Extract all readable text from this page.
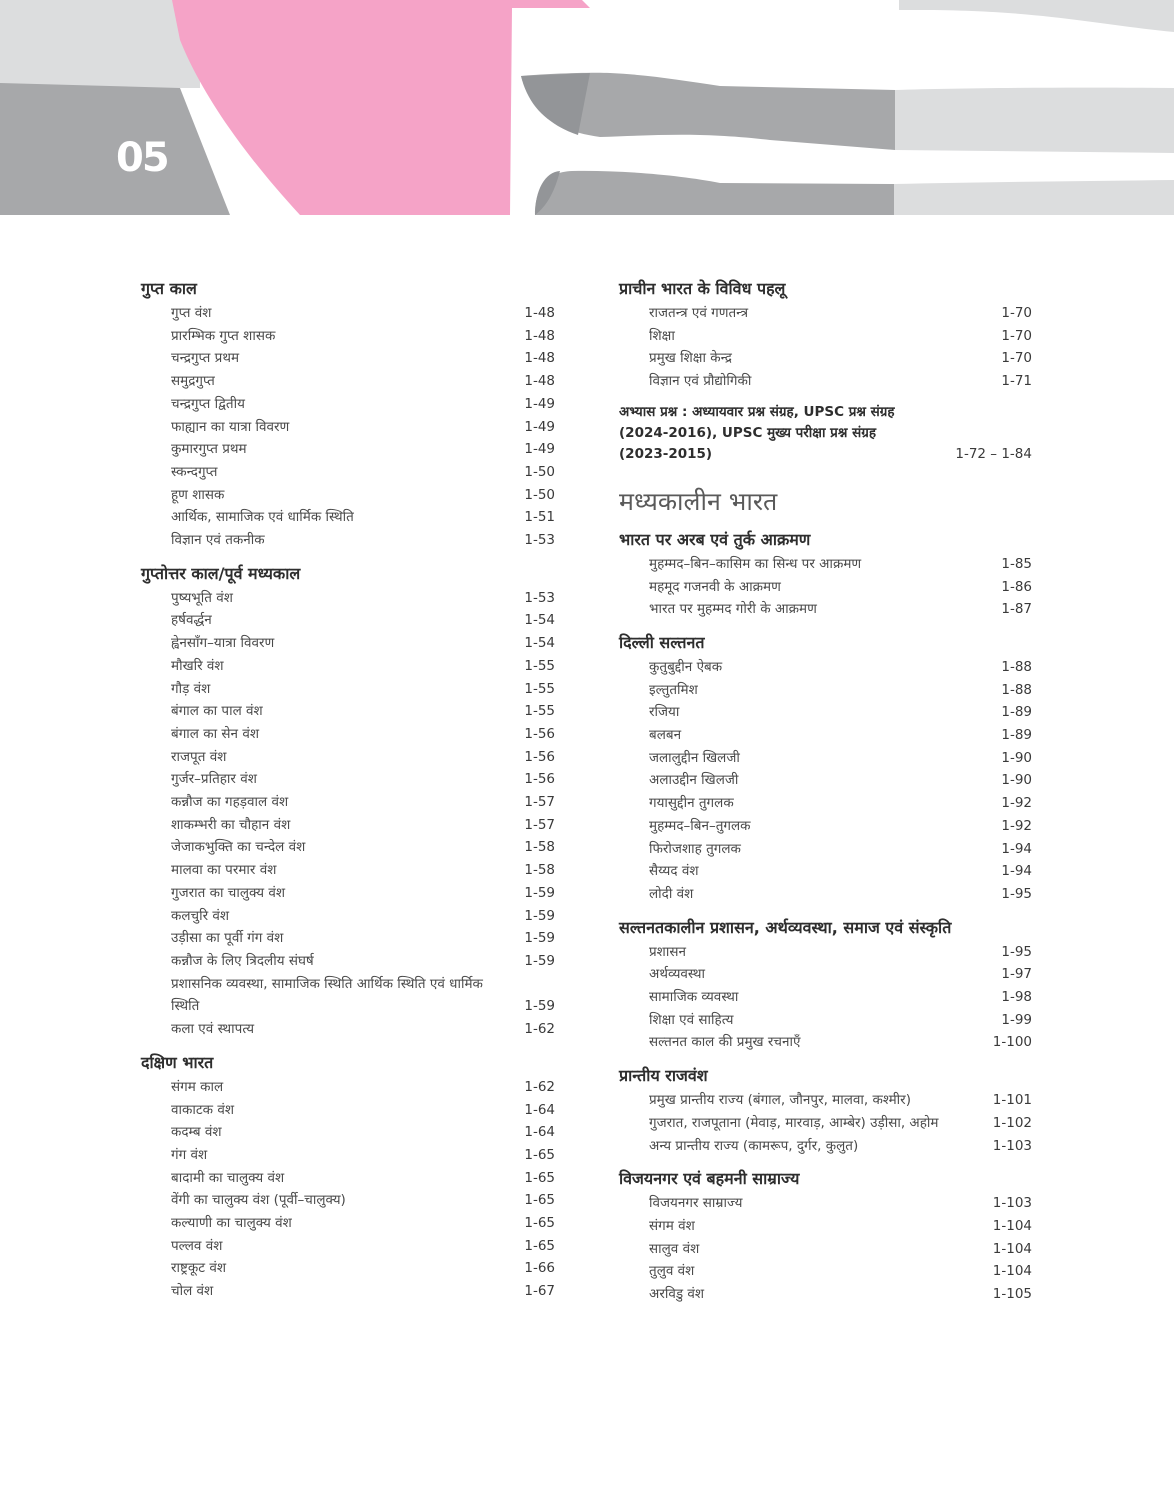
05
गुप्त काल
गुप्त वंश	1-48
प्रारम्भिक गुप्त शासक	1-48
चन्द्रगुप्त प्रथम	1-48
समुद्रगुप्त	1-48
चन्द्रगुप्त द्वितीय	1-49
फाह्यान का यात्रा विवरण	1-49
कुमारगुप्त प्रथम	1-49
स्कन्दगुप्त	1-50
हूण शासक	1-50
आर्थिक, सामाजिक एवं धार्मिक स्थिति	1-51
विज्ञान एवं तकनीक	1-53
गुप्तोत्तर काल/पूर्व मध्यकाल
पुष्यभूति वंश	1-53
हर्षवर्द्धन	1-54
ह्वेनसाँग–यात्रा विवरण	1-54
मौखरि वंश	1-55
गौड़ वंश	1-55
बंगाल का पाल वंश	1-55
बंगाल का सेन वंश	1-56
राजपूत वंश	1-56
गुर्जर–प्रतिहार वंश	1-56
कन्नौज का गहड़वाल वंश	1-57
शाकम्भरी का चौहान वंश	1-57
जेजाकभुक्ति का चन्देल वंश	1-58
मालवा का परमार वंश	1-58
गुजरात का चालुक्य वंश	1-59
कलचुरि वंश	1-59
उड़ीसा का पूर्वी गंग वंश	1-59
कन्नौज के लिए त्रिदलीय संघर्ष	1-59
प्रशासनिक व्यवस्था, सामाजिक स्थिति आर्थिक स्थिति एवं धार्मिक स्थिति	1-59
कला एवं स्थापत्य	1-62
दक्षिण भारत
संगम काल	1-62
वाकाटक वंश	1-64
कदम्ब वंश	1-64
गंग वंश	1-65
बादामी का चालुक्य वंश	1-65
वेंगी का चालुक्य वंश (पूर्वी–चालुक्य)	1-65
कल्याणी का चालुक्य वंश	1-65
पल्लव वंश	1-65
राष्ट्रकूट वंश	1-66
चोल वंश	1-67
प्राचीन भारत के विविध पहलू
राजतन्त्र एवं गणतन्त्र	1-70
शिक्षा	1-70
प्रमुख शिक्षा केन्द्र	1-70
विज्ञान एवं प्रौद्योगिकी	1-71
अभ्यास प्रश्न : अध्यायवार प्रश्न संग्रह, UPSC प्रश्न संग्रह (2024-2016), UPSC मुख्य परीक्षा प्रश्न संग्रह (2023-2015)	1-72 – 1-84
मध्यकालीन भारत
भारत पर अरब एवं तुर्क आक्रमण
मुहम्मद–बिन–कासिम का सिन्ध पर आक्रमण	1-85
महमूद गजनवी के आक्रमण	1-86
भारत पर मुहम्मद गोरी के आक्रमण	1-87
दिल्ली सल्तनत
कुतुबुद्दीन ऐबक	1-88
इल्तुतमिश	1-88
रजिया	1-89
बलबन	1-89
जलालुद्दीन खिलजी	1-90
अलाउद्दीन खिलजी	1-90
गयासुद्दीन तुगलक	1-92
मुहम्मद–बिन–तुगलक	1-92
फिरोजशाह तुगलक	1-94
सैय्यद वंश	1-94
लोदी वंश	1-95
सल्तनतकालीन प्रशासन, अर्थव्यवस्था, समाज एवं संस्कृति
प्रशासन	1-95
अर्थव्यवस्था	1-97
सामाजिक व्यवस्था	1-98
शिक्षा एवं साहित्य	1-99
सल्तनत काल की प्रमुख रचनाएँ	1-100
प्रान्तीय राजवंश
प्रमुख प्रान्तीय राज्य (बंगाल, जौनपुर, मालवा, कश्मीर)	1-101
गुजरात, राजपूताना (मेवाड़, मारवाड़, आम्बेर) उड़ीसा, अहोम	1-102
अन्य प्रान्तीय राज्य (कामरूप, दुर्गर, कुलुत)	1-103
विजयनगर एवं बहमनी साम्राज्य
विजयनगर साम्राज्य	1-103
संगम वंश	1-104
सालुव वंश	1-104
तुलुव वंश	1-104
अरविडु वंश	1-105
